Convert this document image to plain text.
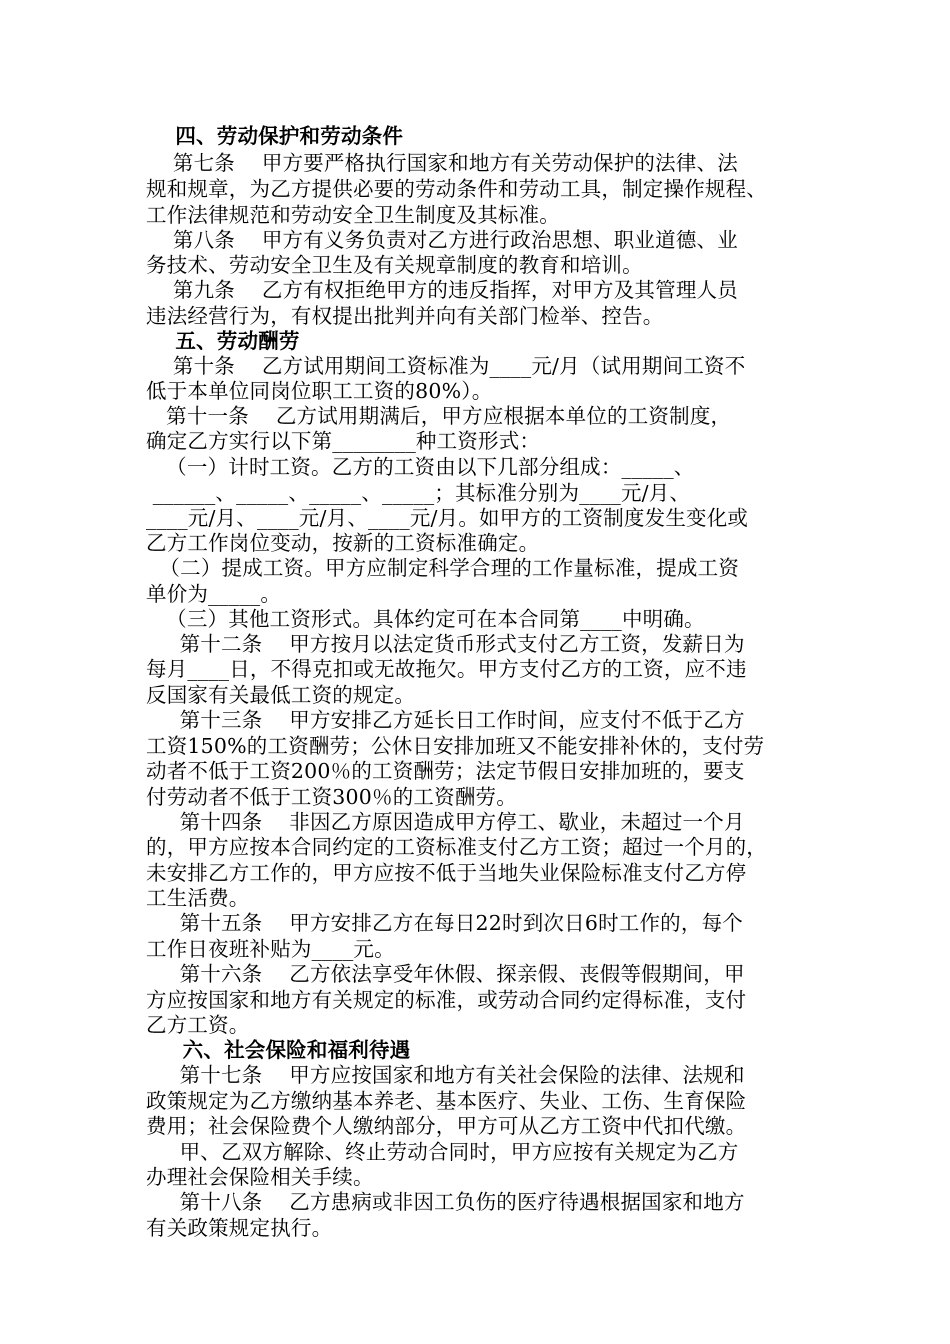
四、劳动保护和劳动条件
第七条    甲方要严格执行国家和地方有关劳动保护的法律、法
规和规章，为乙方提供必要的劳动条件和劳动工具，制定操作规程、
工作法律规范和劳动安全卫生制度及其标准。
第八条    甲方有义务负责对乙方进行政治思想、职业道德、业
务技术、劳动安全卫生及有关规章制度的教育和培训。
第九条    乙方有权拒绝甲方的违反指挥，对甲方及其管理人员
违法经营行为，有权提出批判并向有关部门检举、控告。
五、劳动酬劳
第十条    乙方试用期间工资标准为____元/月（试用期间工资不
低于本单位同岗位职工工资的80%）。
第十一条    乙方试用期满后，甲方应根据本单位的工资制度，
确定乙方实行以下第________种工资形式：
（一）计时工资。乙方的工资由以下几部分组成：_____、
______、_____、_____、_____；其标准分别为____元/月、
____元/月、____元/月、____元/月。如甲方的工资制度发生变化或
乙方工作岗位变动，按新的工资标准确定。
（二）提成工资。甲方应制定科学合理的工作量标准，提成工资
单价为_____。
（三）其他工资形式。具体约定可在本合同第____中明确。
第十二条    甲方按月以法定货币形式支付乙方工资，发薪日为
每月____日，不得克扣或无故拖欠。甲方支付乙方的工资，应不违
反国家有关最低工资的规定。
第十三条    甲方安排乙方延长日工作时间，应支付不低于乙方
工资150%的工资酬劳；公休日安排加班又不能安排补休的，支付劳
动者不低于工资200％的工资酬劳；法定节假日安排加班的，要支
付劳动者不低于工资300％的工资酬劳。
第十四条    非因乙方原因造成甲方停工、歇业，未超过一个月
的，甲方应按本合同约定的工资标准支付乙方工资；超过一个月的，
未安排乙方工作的，甲方应按不低于当地失业保险标准支付乙方停
工生活费。
第十五条    甲方安排乙方在每日22时到次日6时工作的，每个
工作日夜班补贴为____元。
第十六条    乙方依法享受年休假、探亲假、丧假等假期间，甲
方应按国家和地方有关规定的标准，或劳动合同约定得标准，支付
乙方工资。
六、社会保险和福利待遇
第十七条    甲方应按国家和地方有关社会保险的法律、法规和
政策规定为乙方缴纳基本养老、基本医疗、失业、工伤、生育保险
费用；社会保险费个人缴纳部分，甲方可从乙方工资中代扣代缴。
甲、乙双方解除、终止劳动合同时，甲方应按有关规定为乙方
办理社会保险相关手续。
第十八条    乙方患病或非因工负伤的医疗待遇根据国家和地方
有关政策规定执行。
